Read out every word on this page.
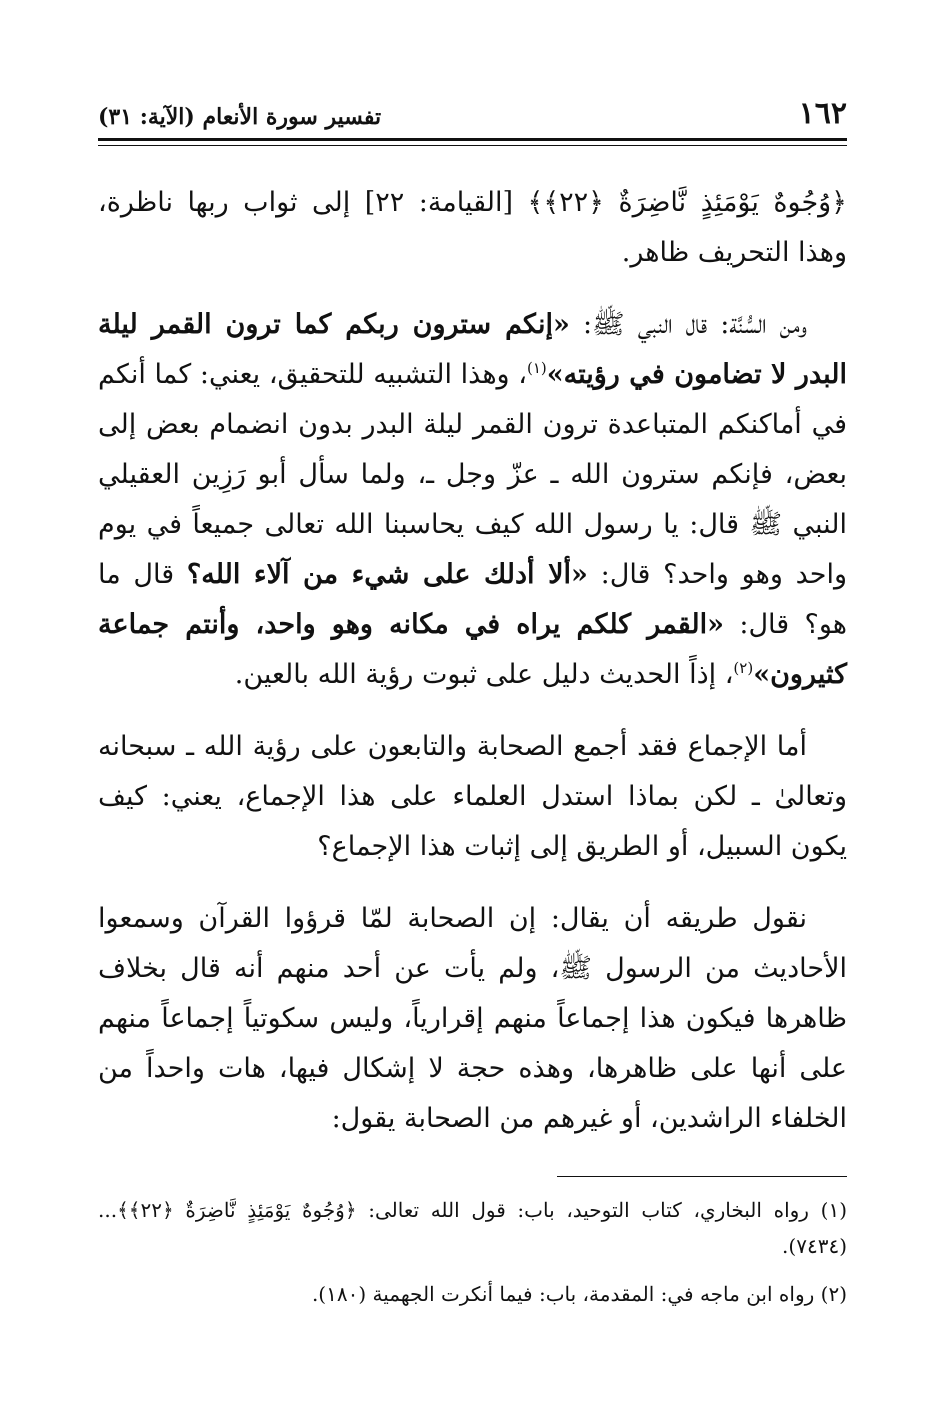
١٦٢
تفسير سورة الأنعام (الآية: ٣١)

﴿وُجُوهٌ يَوْمَئِذٍ نَّاضِرَةٌ ﴿٢٢﴾﴾ [القيامة: ٢٢] إلى ثواب ربها ناظرة، وهذا التحريف ظاهر.

ومن السُّنَّة: قال النبي ﷺ: «إنكم سترون ربكم كما ترون القمر ليلة البدر لا تضامون في رؤيته»$^{(١)}$، وهذا التشبيه للتحقيق، يعني: كما أنكم في أماكنكم المتباعدة ترون القمر ليلة البدر بدون انضمام بعض إلى بعض، فإنكم سترون الله ـ عزّ وجل ـ، ولما سأل أبو رَزِين العقيلي النبي ﷺ قال: يا رسول الله كيف يحاسبنا الله تعالى جميعاً في يوم واحد وهو واحد؟ قال: «ألا أدلك على شيء من آلاء الله؟ قال ما هو؟ قال: «القمر كلكم يراه في مكانه وهو واحد، وأنتم جماعة كثيرون»$^{(٢)}$، إذاً الحديث دليل على ثبوت رؤية الله بالعين.

أما الإجماع فقد أجمع الصحابة والتابعون على رؤية الله ـ سبحانه وتعالىٰ ـ لكن بماذا استدل العلماء على هذا الإجماع، يعني: كيف يكون السبيل، أو الطريق إلى إثبات هذا الإجماع؟

نقول طريقه أن يقال: إن الصحابة لمّا قرؤوا القرآن وسمعوا الأحاديث من الرسول ﷺ، ولم يأت عن أحد منهم أنه قال بخلاف ظاهرها فيكون هذا إجماعاً منهم إقرارياً، وليس سكوتياً إجماعاً منهم على أنها على ظاهرها، وهذه حجة لا إشكال فيها، هات واحداً من الخلفاء الراشدين، أو غيرهم من الصحابة يقول:

(١) رواه البخاري، كتاب التوحيد، باب: قول الله تعالى: ﴿وُجُوهٌ يَوْمَئِذٍ نَّاضِرَةٌ ﴿٢٢﴾﴾... (٧٤٣٤).

(٢) رواه ابن ماجه في: المقدمة، باب: فيما أنكرت الجهمية (١٨٠).
